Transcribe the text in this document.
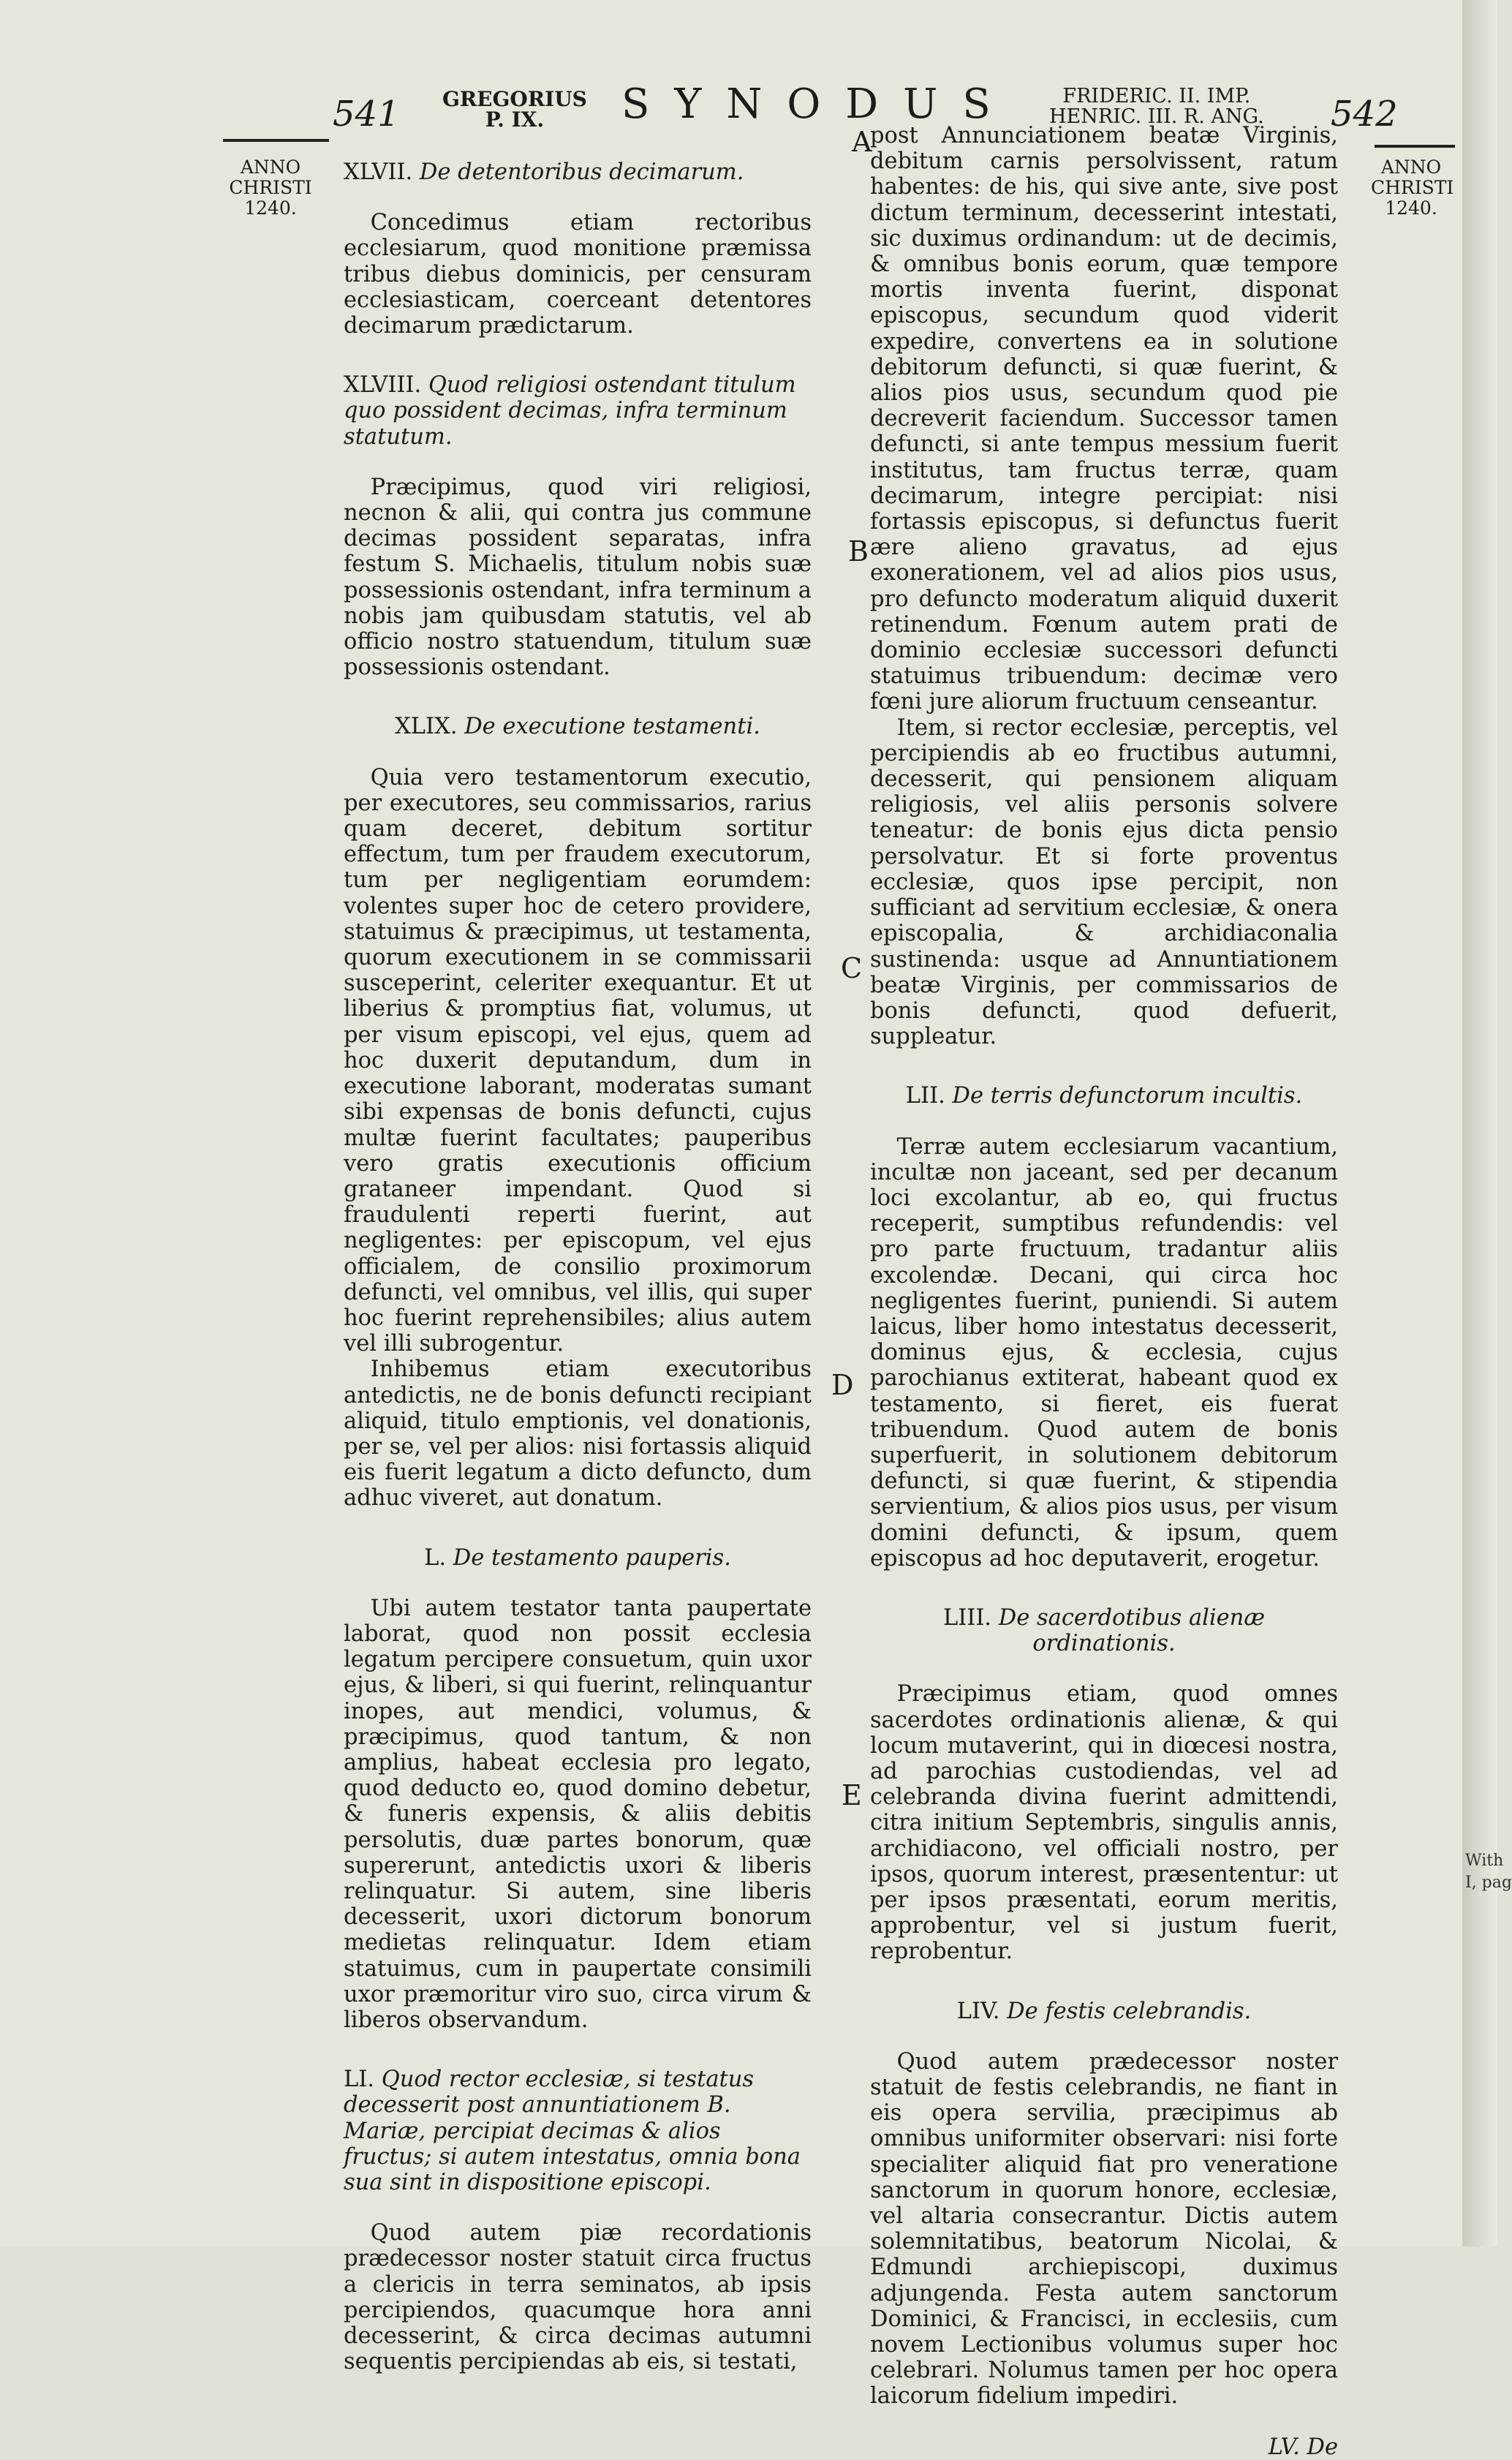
541 GREGORIUS
P. IX.	SYNODUS	FRIDERIC. II. IMP.
HENRIC. III. R. ANG. 542
ANNO
CHRISTI
1240.
ANNO
CHRISTI
1240.
A
B
C
D
E
XLVII. De detentoribus decimarum.

Concedimus etiam rectoribus ecclesiarum, quod monitione præmissa tribus diebus dominicis, per censuram ecclesiasticam, coerceant detentores decimarum prædictarum.

XLVIII. Quod religiosi ostendant titulum quo possident decimas, infra terminum statutum.

Præcipimus, quod viri religiosi, necnon & alii, qui contra jus commune decimas possident separatas, infra festum S. Michaelis, titulum nobis suæ possessionis ostendant, infra terminum a nobis jam quibusdam statutis, vel ab officio nostro statuendum, titulum suæ possessionis ostendant.

XLIX. De executione testamenti.

Quia vero testamentorum executio, per executores, seu commissarios, rarius quam deceret, debitum sortitur effectum, tum per fraudem executorum, tum per negligentiam eorumdem: volentes super hoc de cetero providere, statuimus & præcipimus, ut testamenta, quorum executionem in se commissarii susceperint, celeriter exequantur. Et ut liberius & promptius fiat, volumus, ut per visum episcopi, vel ejus, quem ad hoc duxerit deputandum, dum in executione laborant, moderatas sumant sibi expensas de bonis defuncti, cujus multæ fuerint facultates; pauperibus vero gratis executionis officium grataneer impendant. Quod si fraudulenti reperti fuerint, aut negligentes: per episcopum, vel ejus officialem, de consilio proximorum defuncti, vel omnibus, vel illis, qui super hoc fuerint reprehensibiles; alius autem vel illi subrogentur.

Inhibemus etiam executoribus antedictis, ne de bonis defuncti recipiant aliquid, titulo emptionis, vel donationis, per se, vel per alios: nisi fortassis aliquid eis fuerit legatum a dicto defuncto, dum adhuc viveret, aut donatum.

L. De testamento pauperis.

Ubi autem testator tanta paupertate laborat, quod non possit ecclesia legatum percipere consuetum, quin uxor ejus, & liberi, si qui fuerint, relinquantur inopes, aut mendici, volumus, & præcipimus, quod tantum, & non amplius, habeat ecclesia pro legato, quod deducto eo, quod domino debetur, & funeris expensis, & aliis debitis persolutis, duæ partes bonorum, quæ supererunt, antedictis uxori & liberis relinquatur. Si autem, sine liberis decesserit, uxori dictorum bonorum medietas relinquatur. Idem etiam statuimus, cum in paupertate consimili uxor præmoritur viro suo, circa virum & liberos observandum.

LI. Quod rector ecclesiæ, si testatus decesserit post annuntiationem B. Mariæ, percipiat decimas & alios fructus; si autem intestatus, omnia bona sua sint in dispositione episcopi.

Quod autem piæ recordationis prædecessor noster statuit circa fructus a clericis in terra seminatos, ab ipsis percipiendos, quacumque hora anni decesserint, & circa decimas autumni sequentis percipiendas ab eis, si testati,

post Annunciationem beatæ Virginis, debitum carnis persolvissent, ratum habentes: de his, qui sive ante, sive post dictum terminum, decesserint intestati, sic duximus ordinandum: ut de decimis, & omnibus bonis eorum, quæ tempore mortis inventa fuerint, disponat episcopus, secundum quod viderit expedire, convertens ea in solutione debitorum defuncti, si quæ fuerint, & alios pios usus, secundum quod pie decreverit faciendum. Successor tamen defuncti, si ante tempus messium fuerit institutus, tam fructus terræ, quam decimarum, integre percipiat: nisi fortassis episcopus, si defunctus fuerit ære alieno gravatus, ad ejus exonerationem, vel ad alios pios usus, pro defuncto moderatum aliquid duxerit retinendum. Fœnum autem prati de dominio ecclesiæ successori defuncti statuimus tribuendum: decimæ vero fœni jure aliorum fructuum censeantur.

Item, si rector ecclesiæ, perceptis, vel percipiendis ab eo fructibus autumni, decesserit, qui pensionem aliquam religiosis, vel aliis personis solvere teneatur: de bonis ejus dicta pensio persolvatur. Et si forte proventus ecclesiæ, quos ipse percipit, non sufficiant ad servitium ecclesiæ, & onera episcopalia, & archidiaconalia sustinenda: usque ad Annuntiationem beatæ Virginis, per commissarios de bonis defuncti, quod defuerit, suppleatur.

LII. De terris defunctorum incultis.

Terræ autem ecclesiarum vacantium, incultæ non jaceant, sed per decanum loci excolantur, ab eo, qui fructus receperit, sumptibus refundendis: vel pro parte fructuum, tradantur aliis excolendæ. Decani, qui circa hoc negligentes fuerint, puniendi. Si autem laicus, liber homo intestatus decesserit, dominus ejus, & ecclesia, cujus parochianus extiterat, habeant quod ex testamento, si fieret, eis fuerat tribuendum. Quod autem de bonis superfuerit, in solutionem debitorum defuncti, si quæ fuerint, & stipendia servientium, & alios pios usus, per visum domini defuncti, & ipsum, quem episcopus ad hoc deputaverit, erogetur.

LIII. De sacerdotibus alienæ ordinationis.

Præcipimus etiam, quod omnes sacerdotes ordinationis alienæ, & qui locum mutaverint, qui in diœcesi nostra, ad parochias custodiendas, vel ad celebranda divina fuerint admittendi, citra initium Septembris, singulis annis, archidiacono, vel officiali nostro, per ipsos, quorum interest, præsententur: ut per ipsos præsentati, eorum meritis, approbentur, vel si justum fuerit, reprobentur.

LIV. De festis celebrandis.

Quod autem prædecessor noster statuit de festis celebrandis, ne fiant in eis opera servilia, præcipimus ab omnibus uniformiter observari: nisi forte specialiter aliquid fiat pro veneratione sanctorum in quorum honore, ecclesiæ, vel altaria consecrantur. Dictis autem solemnitatibus, beatorum Nicolai, & Edmundi archiepiscopi, duximus adjungenda. Festa autem sanctorum Dominici, & Francisci, in ecclesiis, cum novem Lectionibus volumus super hoc celebrari. Nolumus tamen per hoc opera laicorum fidelium impediri.

LV. De
With
I, pag
